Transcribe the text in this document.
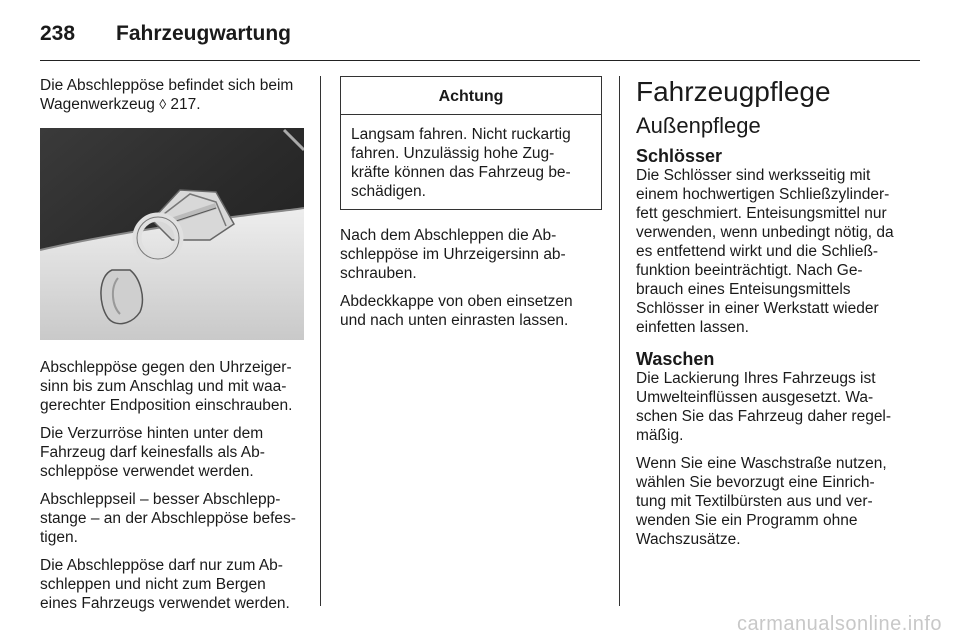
238 Fahrzeugwartung

Die Abschleppöse befindet sich beim
Wagenwerkzeug ◊ 217.

Abschleppöse gegen den Uhrzeiger-
sinn bis zum Anschlag und mit waa-
gerechter Endposition einschrauben.

Die Verzurröse hinten unter dem
Fahrzeug darf keinesfalls als Ab-
schleppöse verwendet werden.

Abschleppseil – besser Abschlepp-
stange – an der Abschleppöse befes-
tigen.

Die Abschleppöse darf nur zum Ab-
schleppen und nicht zum Bergen
eines Fahrzeugs verwendet werden.

Achtung
Langsam fahren. Nicht ruckartig
fahren. Unzulässig hohe Zug-
kräfte können das Fahrzeug be-
schädigen.

Nach dem Abschleppen die Ab-
schleppöse im Uhrzeigersinn ab-
schrauben.

Abdeckkappe von oben einsetzen
und nach unten einrasten lassen.

Fahrzeugpflege
Außenpflege
Schlösser

Die Schlösser sind werksseitig mit
einem hochwertigen Schließzylinder-
fett geschmiert. Enteisungsmittel nur
verwenden, wenn unbedingt nötig, da
es entfettend wirkt und die Schließ-
funktion beeinträchtigt. Nach Ge-
brauch eines Enteisungsmittels
Schlösser in einer Werkstatt wieder
einfetten lassen.

Waschen

Die Lackierung Ihres Fahrzeugs ist
Umwelteinflüssen ausgesetzt. Wa-
schen Sie das Fahrzeug daher regel-
mäßig.

Wenn Sie eine Waschstraße nutzen,
wählen Sie bevorzugt eine Einrich-
tung mit Textilbürsten aus und ver-
wenden Sie ein Programm ohne
Wachszusätze.

carmanualsonline.info
